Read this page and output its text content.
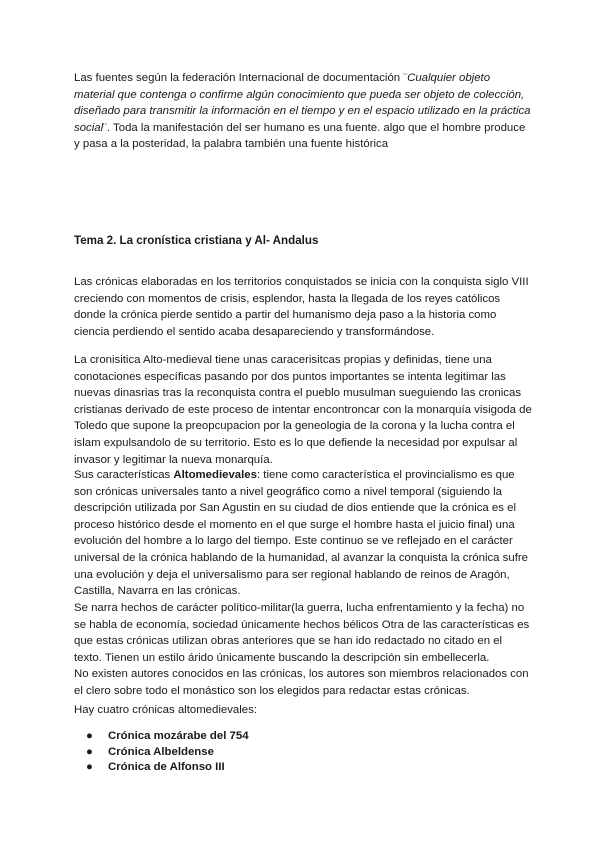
Las fuentes según la federación Internacional de documentación ¨Cualquier objeto material que contenga o confirme algún conocimiento que pueda ser objeto de colección, diseñado para transmitir la información en el tiempo y en el espacio utilizado en la práctica social¨. Toda la manifestación del ser humano es una fuente. algo que el hombre produce y pasa a la posteridad, la palabra también una fuente histórica
Tema 2. La cronística cristiana y Al- Andalus
Las crónicas elaboradas en los territorios conquistados se inicia con la conquista siglo VIII creciendo con momentos de crisis, esplendor, hasta la llegada de los reyes católicos donde la crónica pierde sentido a partir del humanismo deja paso a la historia como ciencia perdiendo el sentido acaba desapareciendo y transformándose.
La cronisitica Alto-medieval tiene unas caracerisitcas propias y definidas, tiene una conotaciones específicas pasando por dos puntos importantes se intenta legitimar las nuevas dinasrias tras la reconquista contra el pueblo musulman sueguiendo las cronicas cristianas derivado de este proceso de intentar encontroncar con la monarquía visigoda de Toledo que supone la preopcupacion por la geneologia de la corona y la lucha contra el islam expulsandolo de su territorio. Esto es lo que defiende la necesidad por expulsar al invasor y legitimar la nueva monarquía.
Sus características Altomedievales: tiene como característica el provincialismo es que son crónicas universales tanto a nivel geográfico como a nivel temporal (siguiendo la descripción utilizada por San Agustin en su ciudad de dios entiende que la crónica es el proceso histórico desde el momento en el que surge el hombre hasta el juicio final) una evolución del hombre a lo largo del tiempo. Este continuo se ve reflejado en el carácter universal de la crónica hablando de la humanidad, al avanzar la conquista la crónica sufre una evolución y deja el universalismo para ser regional hablando de reinos de Aragón, Castilla, Navarra en las crónicas.
Se narra hechos de carácter político-militar(la guerra, lucha enfrentamiento y la fecha) no se habla de economía, sociedad únicamente hechos bélicos Otra de las características es que estas crónicas utilizan obras anteriores que se han ido redactado no citado en el texto. Tienen un estilo árido únicamente buscando la descripción sin embellecerla.
No existen autores conocidos en las crónicas, los autores son miembros relacionados con el clero sobre todo el monástico son los elegidos para redactar estas crónicas.
Hay cuatro crónicas altomedievales:
● Crónica mozárabe del 754
● Crónica Albeldense
● Crónica de Alfonso III
